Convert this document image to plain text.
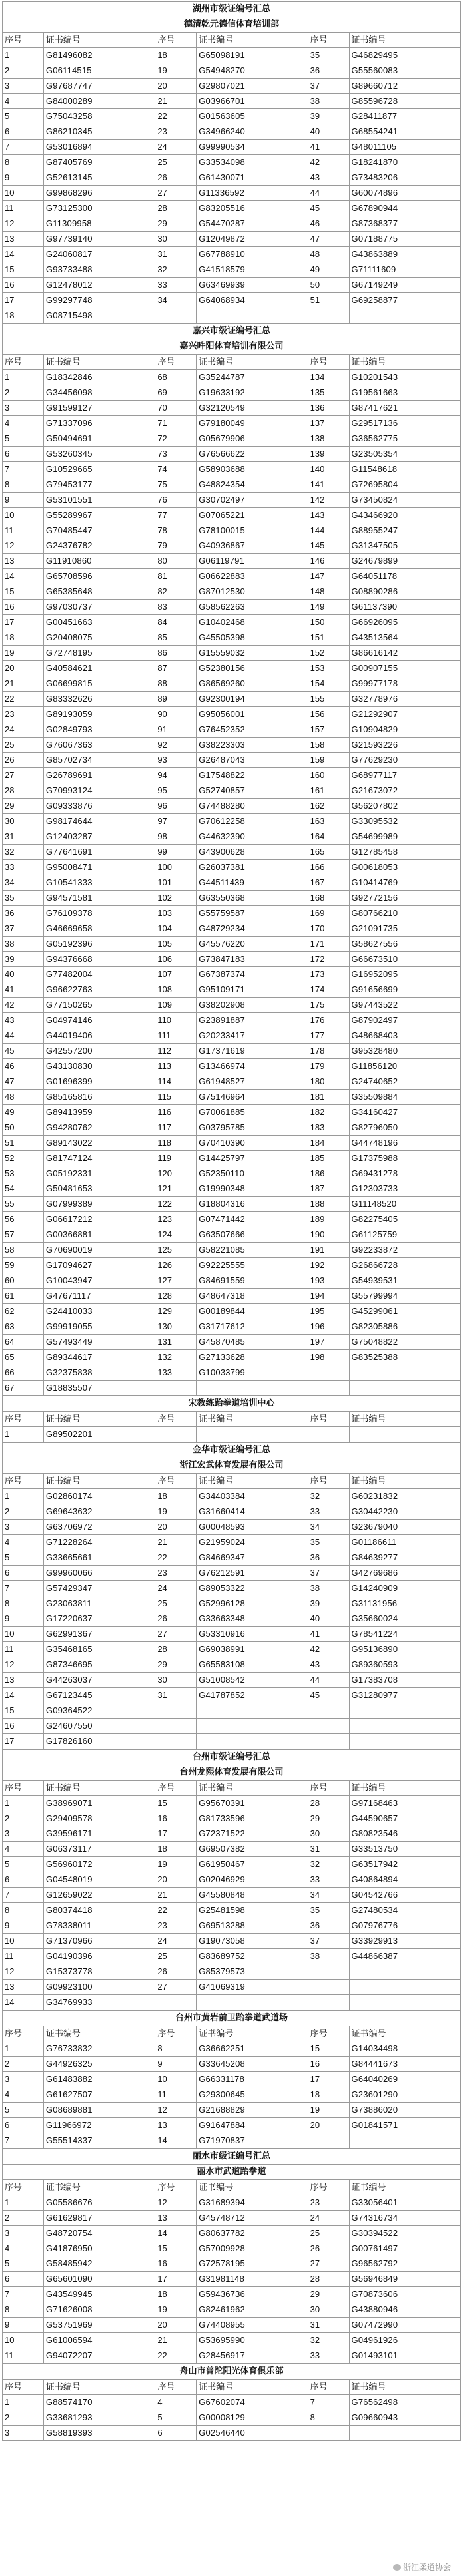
湖州市级证编号汇总					
德清乾元德信体育培训部					
序号	证书编号	序号	证书编号	序号	证书编号
1	G81496082	18	G65098191	35	G46829495
2	G06114515	19	G54948270	36	G55560083
3	G97687747	20	G29807021	37	G89660712
4	G84000289	21	G03966701	38	G85596728
5	G75043258	22	G01563605	39	G28411877
6	G86210345	23	G34966240	40	G68554241
7	G53016894	24	G99990534	41	G48011105
8	G87405769	25	G33534098	42	G18241870
9	G52613145	26	G61430071	43	G73483206
10	G99868296	27	G11336592	44	G60074896
11	G73125300	28	G83205516	45	G67890944
12	G11309958	29	G54470287	46	G87368377
13	G97739140	30	G12049872	47	G07188775
14	G24060817	31	G67788910	48	G43863889
15	G93733488	32	G41518579	49	G71111609
16	G12478012	33	G63469939	50	G67149249
17	G99297748	34	G64068934	51	G69258877
18	G08715498				
嘉兴市级证编号汇总					
嘉兴吽阳体育培训有限公司					
序号	证书编号	序号	证书编号	序号	证书编号
1	G18342846	68	G35244787	134	G10201543
2	G34456098	69	G19633192	135	G19561663
3	G91599127	70	G32120549	136	G87417621
4	G71337096	71	G79180049	137	G29517136
5	G50494691	72	G05679906	138	G36562775
6	G53260345	73	G76566622	139	G23505354
7	G10529665	74	G58903688	140	G11548618
8	G79453177	75	G48824354	141	G72695804
9	G53101551	76	G30702497	142	G73450824
10	G55289967	77	G07065221	143	G43466920
11	G70485447	78	G78100015	144	G88955247
12	G24376782	79	G40936867	145	G31347505
13	G11910860	80	G06119791	146	G24679899
14	G65708596	81	G06622883	147	G64051178
15	G65385648	82	G87012530	148	G08890286
16	G97030737	83	G58562263	149	G61137390
17	G00451663	84	G10402468	150	G66926095
18	G20408075	85	G45505398	151	G43513564
19	G72748195	86	G15559032	152	G86616142
20	G40584621	87	G52380156	153	G00907155
21	G06699815	88	G86569260	154	G99977178
22	G83332626	89	G92300194	155	G32778976
23	G89193059	90	G95056001	156	G21292907
24	G02849793	91	G76452352	157	G10904829
25	G76067363	92	G38223303	158	G21593226
26	G85702734	93	G26487043	159	G77629230
27	G26789691	94	G17548822	160	G68977117
28	G70993124	95	G52740857	161	G21673072
29	G09333876	96	G74488280	162	G56207802
30	G98174644	97	G70612258	163	G33095532
31	G12403287	98	G44632390	164	G54699989
32	G77641691	99	G43900628	165	G12785458
33	G95008471	100	G26037381	166	G00618053
34	G10541333	101	G44511439	167	G10414769
35	G94571581	102	G63550368	168	G92772156
36	G76109378	103	G55759587	169	G80766210
37	G46669658	104	G48729234	170	G21091735
38	G05192396	105	G45576220	171	G58627556
39	G94376668	106	G73847183	172	G66673510
40	G77482004	107	G67387374	173	G16952095
41	G96622763	108	G95109171	174	G91656699
42	G77150265	109	G38202908	175	G97443522
43	G04974146	110	G23891887	176	G87902497
44	G44019406	111	G20233417	177	G48668403
45	G42557200	112	G17371619	178	G95328480
46	G43130830	113	G13466974	179	G11856120
47	G01696399	114	G61948527	180	G24740652
48	G85165816	115	G75146964	181	G35509884
49	G89413959	116	G70061885	182	G34160427
50	G94280762	117	G03795785	183	G82796050
51	G89143022	118	G70410390	184	G44748196
52	G81747124	119	G14425797	185	G17375988
53	G05192331	120	G52350110	186	G69431278
54	G50481653	121	G19990348	187	G12303733
55	G07999389	122	G18804316	188	G11148520
56	G06617212	123	G07471442	189	G82275405
57	G00366881	124	G63507666	190	G61125759
58	G70690019	125	G58221085	191	G92233872
59	G17094627	126	G92225555	192	G26866728
60	G10043947	127	G84691559	193	G54939531
61	G47671117	128	G48647318	194	G55799994
62	G24410033	129	G00189844	195	G45299061
63	G99919055	130	G31717612	196	G82305886
64	G57493449	131	G45870485	197	G75048822
65	G89344617	132	G27133628	198	G83525388
66	G32375838	133	G10033799		
67	G18835507				
宋教练跆拳道培训中心					
序号	证书编号	序号	证书编号	序号	证书编号
1	G89502201				
金华市级证编号汇总					
浙江宏武体育发展有限公司					
序号	证书编号	序号	证书编号	序号	证书编号
1	G02860174	18	G34403384	32	G60231832
2	G69643632	19	G31660414	33	G30442230
3	G63706972	20	G00048593	34	G23679040
4	G71228264	21	G21959024	35	G01186611
5	G33665661	22	G84669347	36	G84639277
6	G99960066	23	G76212591	37	G42769686
7	G57429347	24	G89053322	38	G14240909
8	G23063811	25	G52996128	39	G31131956
9	G17220637	26	G33663348	40	G35660024
10	G62991367	27	G53310916	41	G78541224
11	G35468165	28	G69038991	42	G95136890
12	G87346695	29	G65583108	43	G89360593
13	G44263037	30	G51008542	44	G17383708
14	G67123445	31	G41787852	45	G31280977
15	G09364522				
16	G24607550				
17	G17826160				
台州市级证编号汇总					
台州龙熙体育发展有限公司					
序号	证书编号	序号	证书编号	序号	证书编号
1	G38969071	15	G95670391	28	G97168463
2	G29409578	16	G81733596	29	G44590657
3	G39596171	17	G72371522	30	G80823546
4	G06373117	18	G69507382	31	G33513750
5	G56960172	19	G61950467	32	G63517942
6	G04548019	20	G02046929	33	G40864894
7	G12659022	21	G45580848	34	G04542766
8	G80374418	22	G25481598	35	G27480534
9	G78338011	23	G69513288	36	G07976776
10	G71370966	24	G19073058	37	G33929913
11	G04190396	25	G83689752	38	G44866387
12	G15373778	26	G85379573		
13	G09923100	27	G41069319		
14	G34769933				
台州市黄岩前卫跆拳道武道场					
序号	证书编号	序号	证书编号	序号	证书编号
1	G76733832	8	G36662251	15	G14034498
2	G44926325	9	G33645208	16	G84441673
3	G61483882	10	G66331178	17	G64040269
4	G61627507	11	G29300645	18	G23601290
5	G08689881	12	G21688829	19	G73886020
6	G11966972	13	G91647884	20	G01841571
7	G55514337	14	G71970837		
丽水市级证编号汇总					
丽水市武道跆拳道					
序号	证书编号	序号	证书编号	序号	证书编号
1	G05586676	12	G31689394	23	G33056401
2	G61629817	13	G45748712	24	G74316734
3	G48720754	14	G80637782	25	G30394522
4	G41876950	15	G57009928	26	G00761497
5	G58485942	16	G72578195	27	G96562792
6	G65601090	17	G31981148	28	G56946849
7	G43549945	18	G59436736	29	G70873606
8	G71626008	19	G82461962	30	G43880946
9	G53751969	20	G74408955	31	G07472990
10	G61006594	21	G53695990	32	G04961926
11	G94072207	22	G28456917	33	G01493101
舟山市普陀阳光体育俱乐部					
序号	证书编号	序号	证书编号	序号	证书编号
1	G88574170	4	G67602074	7	G76562498
2	G33681293	5	G00008129	8	G09660943
3	G58819393	6	G02546440		
浙江柔道协会
